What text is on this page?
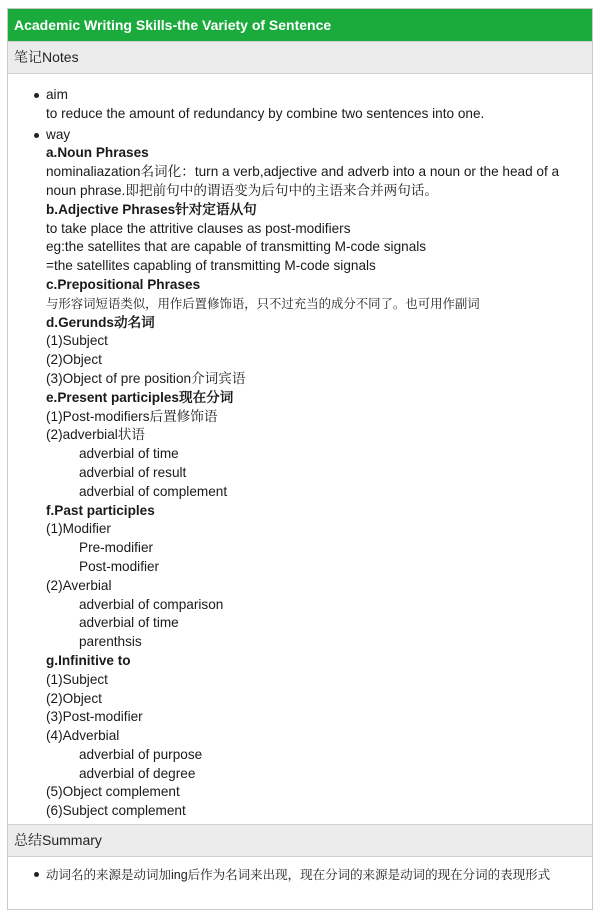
Academic Writing Skills-the Variety of Sentence
笔记Notes
aim
to reduce the amount of redundancy by combine two sentences into one.
way
a.Noun Phrases
nominaliazation名词化：turn a verb,adjective and adverb into a noun or the head of a noun phrase.即把前句中的谓语变为后句中的主语来合并两句话。
b.Adjective Phrases针对定语从句
to take place the attritive clauses as post-modifiers
eg:the satellites that are capable of transmitting M-code signals
=the satellites capabling of transmitting M-code signals
c.Prepositional Phrases
与形容词短语类似，用作后置修饰语，只不过充当的成分不同了。也可用作副词
d.Gerunds动名词
(1)Subject
(2)Object
(3)Object of pre position介词宾语
e.Present participles现在分词
(1)Post-modifiers后置修饰语
(2)adverbial状语
adverbial of time
adverbial of result
adverbial of complement
f.Past participles
(1)Modifier
Pre-modifier
Post-modifier
(2)Averbial
adverbial of comparison
adverbial of time
parenthsis
g.Infinitive to
(1)Subject
(2)Object
(3)Post-modifier
(4)Adverbial
adverbial of purpose
adverbial of degree
(5)Object complement
(6)Subject complement
总结Summary
动词名的来源是动词加ing后作为名词来出现，现在分词的来源是动词的现在分词的表现形式
